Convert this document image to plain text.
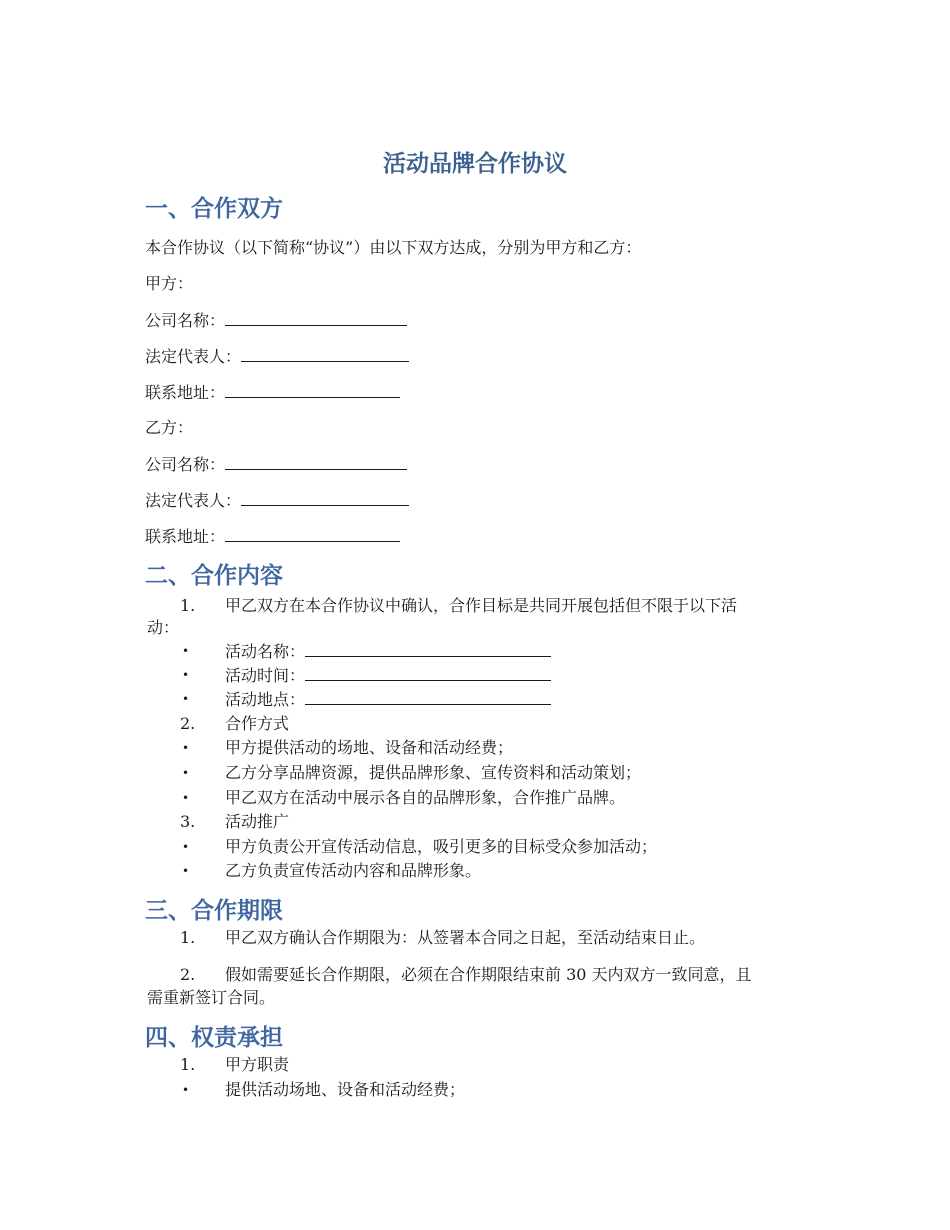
活动品牌合作协议
一、合作双方
本合作协议（以下简称“协议”）由以下双方达成，分别为甲方和乙方：
甲方：
公司名称：
法定代表人：
联系地址：
乙方：
公司名称：
法定代表人：
联系地址：
二、合作内容
1. 甲乙双方在本合作协议中确认，合作目标是共同开展包括但不限于以下活
动：
• 活动名称：
• 活动时间：
• 活动地点：
2. 合作方式
• 甲方提供活动的场地、设备和活动经费；
• 乙方分享品牌资源，提供品牌形象、宣传资料和活动策划；
• 甲乙双方在活动中展示各自的品牌形象，合作推广品牌。
3. 活动推广
• 甲方负责公开宣传活动信息，吸引更多的目标受众参加活动；
• 乙方负责宣传活动内容和品牌形象。
三、合作期限
1. 甲乙双方确认合作期限为：从签署本合同之日起，至活动结束日止。
2. 假如需要延长合作期限，必须在合作期限结束前 30 天内双方一致同意，且
需重新签订合同。
四、权责承担
1. 甲方职责
• 提供活动场地、设备和活动经费；
